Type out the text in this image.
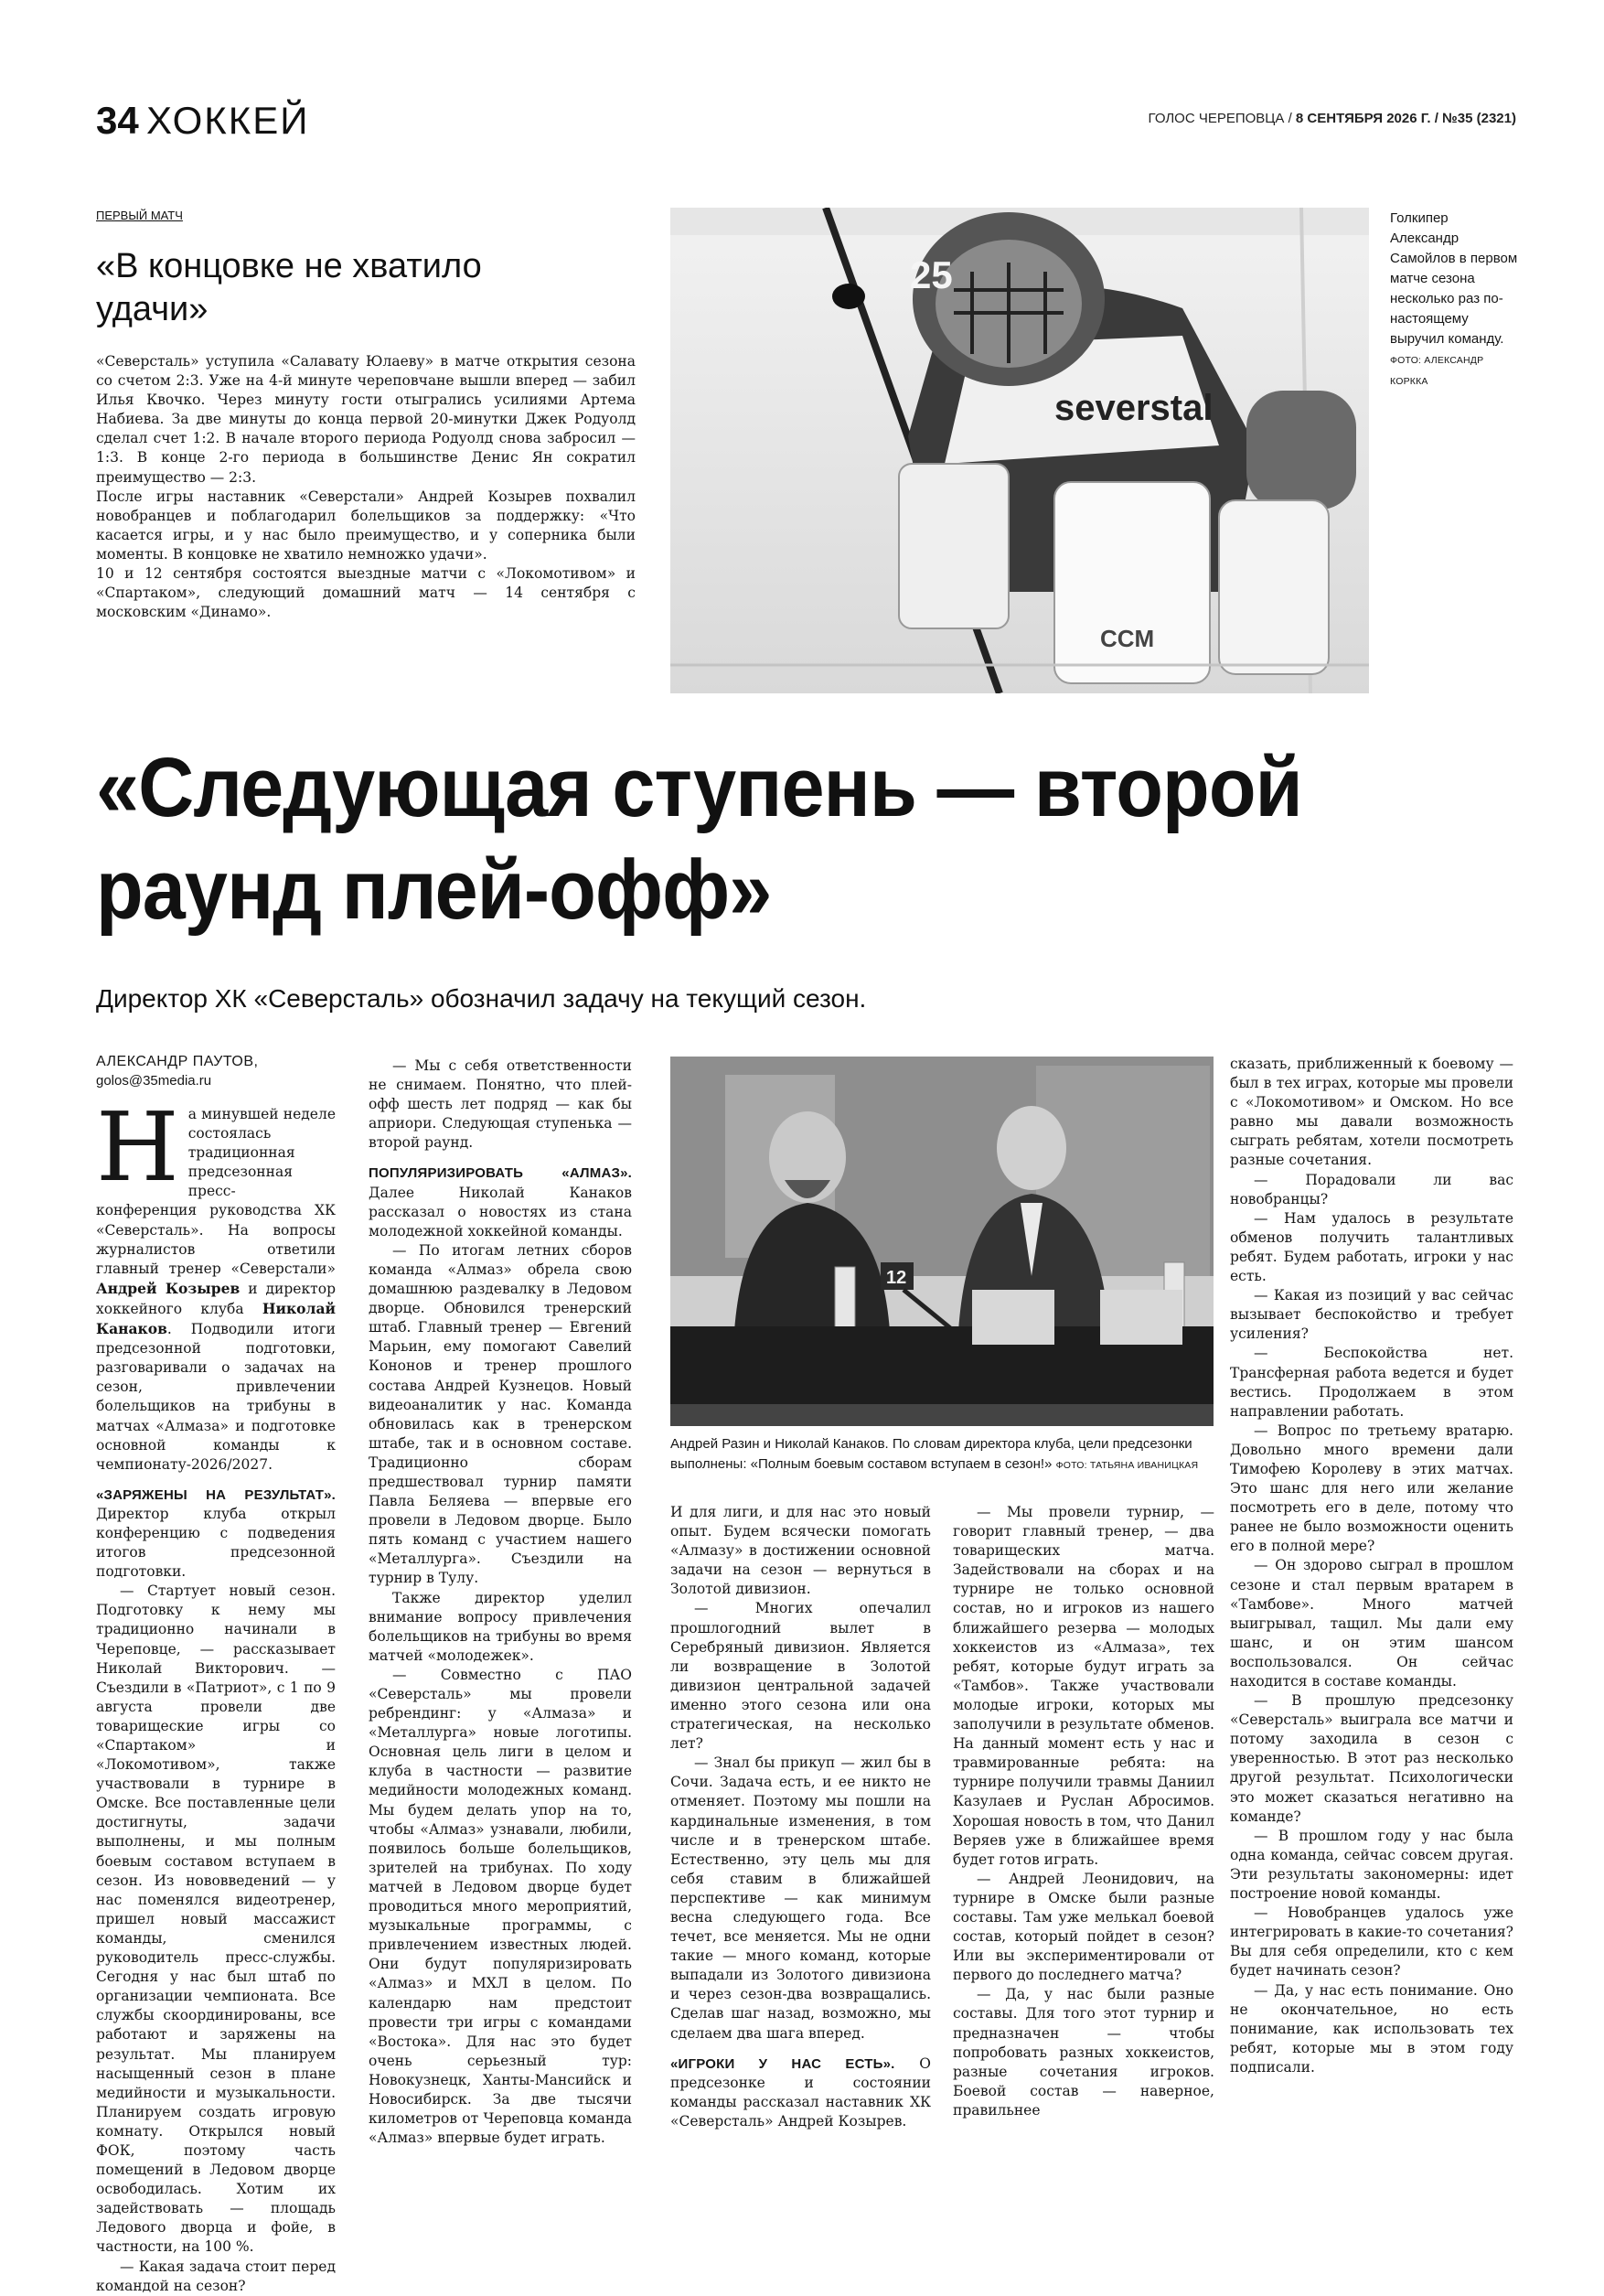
34 ХОККЕЙ	ГОЛОС ЧЕРЕПОВЦА / 8 СЕНТЯБРЯ 2026 Г. / №35 (2321)
ПЕРВЫЙ МАТЧ
«В концовке не хватило
удачи»

«Северсталь» уступила «Салавату Юлаеву» в матче открытия сезона со счетом 2:3. Уже на 4-й минуте череповчане вышли вперед — забил Илья Квочко. Через минуту гости отыгрались усилиями Артема Набиева. За две минуты до конца первой 20-минутки Джек Родуолд сделал счет 1:2. В начале второго периода Родуолд снова забросил — 1:3. В конце 2-го периода в большинстве Денис Ян сократил преимущество — 2:3.

После игры наставник «Северстали» Андрей Козырев похвалил новобранцев и поблагодарил болельщиков за поддержку: «Что касается игры, и у нас было преимущество, и у соперника были моменты. В концовке не хватило немножко удачи».

10 и 12 сентября состоятся выездные матчи с «Локомотивом» и «Спартаком», следующий домашний матч — 14 сентября с московским «Динамо».

severstal
25
CCM
Голкипер Александр Самойлов в первом матче сезона несколько раз по-настоящему выручил команду. ФОТО: АЛЕКСАНДР КОРККА
«Следующая ступень — второй
раунд плей-офф»
Директор ХК «Северсталь» обозначил задачу на текущий сезон.
АЛЕКСАНДР ПАУТОВ,
golos@35media.ru

На минувшей неделе состоялась традиционная предсезонная пресс-конференция руководства ХК «Северсталь». На вопросы журналистов ответили главный тренер «Северстали» Андрей Козырев и директор хоккейного клуба Николай Канаков. Подводили итоги предсезонной подготовки, разговаривали о задачах на сезон, привлечении болельщиков на трибуны в матчах «Алмаза» и подготовке основной команды к чемпионату-2026/2027.

«ЗАРЯЖЕНЫ НА РЕЗУЛЬТАТ». Директор клуба открыл конференцию с подведения итогов предсезонной подготовки.

— Стартует новый сезон. Подготовку к нему мы традиционно начинали в Череповце, — рассказывает Николай Викторович. — Съездили в «Патриот», с 1 по 9 августа провели две товарищеские игры со «Спартаком» и «Локомотивом», также участвовали в турнире в Омске. Все поставленные цели достигнуты, задачи выполнены, и мы полным боевым составом вступаем в сезон. Из нововведений — у нас поменялся видеотренер, пришел новый массажист команды, сменился руководитель пресс-службы. Сегодня у нас был штаб по организации чемпионата. Все службы скоординированы, все работают и заряжены на результат. Мы планируем насыщенный сезон в плане медийности и музыкальности. Планируем создать игровую комнату. Открылся новый ФОК, поэтому часть помещений в Ледовом дворце освободилась. Хотим их задействовать — площадь Ледового дворца и фойе, в частности, на 100 %.

— Какая задача стоит перед командой на сезон?

— Мы с себя ответственности не снимаем. Понятно, что плей-офф шесть лет подряд — как бы априори. Следующая ступенька — второй раунд.

ПОПУЛЯРИЗИРОВАТЬ «АЛМАЗ». Далее Николай Канаков рассказал о новостях из стана молодежной хоккейной команды.

— По итогам летних сборов команда «Алмаз» обрела свою домашнюю раздевалку в Ледовом дворце. Обновился тренерский штаб. Главный тренер — Евгений Марьин, ему помогают Савелий Кононов и тренер прошлого состава Андрей Кузнецов. Новый видеоаналитик у нас. Команда обновилась как в тренерском штабе, так и в основном составе. Традиционно сборам предшествовал турнир памяти Павла Беляева — впервые его провели в Ледовом дворце. Было пять команд с участием нашего «Металлурга». Съездили на турнир в Тулу.

Также директор уделил внимание вопросу привлечения болельщиков на трибуны во время матчей «молодежек».

— Совместно с ПАО «Северсталь» мы провели ребрендинг: у «Алмаза» и «Металлурга» новые логотипы. Основная цель лиги в целом и клуба в частности — развитие медийности молодежных команд. Мы будем делать упор на то, чтобы «Алмаз» узнавали, любили, появилось больше болельщиков, зрителей на трибунах. По ходу матчей в Ледовом дворце будет проводиться много мероприятий, музыкальные программы, с привлечением известных людей. Они будут популяризировать «Алмаз» и МХЛ в целом. По календарю нам предстоит провести три игры с командами «Востока». Для нас это будет очень серьезный тур: Новокузнецк, Ханты-Мансийск и Новосибирск. За две тысячи километров от Череповца команда «Алмаз» впервые будет играть.

12
Андрей Разин и Николай Канаков. По словам директора клуба, цели предсезонки выполнены: «Полным боевым составом вступаем в сезон!» ФОТО: ТАТЬЯНА ИВАНИЦКАЯ

И для лиги, и для нас это новый опыт. Будем всячески помогать «Алмазу» в достижении основной задачи на сезон — вернуться в Золотой дивизион.

— Многих опечалил прошлогодний вылет в Серебряный дивизион. Является ли возвращение в Золотой дивизион центральной задачей именно этого сезона или она стратегическая, на несколько лет?

— Знал бы прикуп — жил бы в Сочи. Задача есть, и ее никто не отменяет. Поэтому мы пошли на кардинальные изменения, в том числе и в тренерском штабе. Естественно, эту цель мы для себя ставим в ближайшей перспективе — как минимум весна следующего года. Все течет, все меняется. Мы не одни такие — много команд, которые выпадали из Золотого дивизиона и через сезон-два возвращались. Сделав шаг назад, возможно, мы сделаем два шага вперед.

«ИГРОКИ У НАС ЕСТЬ». О предсезонке и состоянии команды рассказал наставник ХК «Северсталь» Андрей Козырев.

— Мы провели турнир, — говорит главный тренер, — два товарищеских матча. Задействовали на сборах и на турнире не только основной состав, но и игроков из нашего ближайшего резерва — молодых хоккеистов из «Алмаза», тех ребят, которые будут играть за «Тамбов». Также участвовали молодые игроки, которых мы заполучили в результате обменов. На данный момент есть у нас и травмированные ребята: на турнире получили травмы Даниил Казулаев и Руслан Абросимов. Хорошая новость в том, что Данил Веряев уже в ближайшее время будет готов играть.

— Андрей Леонидович, на турнире в Омске были разные составы. Там уже мелькал боевой состав, который пойдет в сезон? Или вы экспериментировали от первого до последнего матча?

— Да, у нас были разные составы. Для того этот турнир и предназначен — чтобы попробовать разных хоккеистов, разные сочетания игроков. Боевой состав — наверное, правильнее

сказать, приближенный к боевому — был в тех играх, которые мы провели с «Локомотивом» и Омском. Но все равно мы давали возможность сыграть ребятам, хотели посмотреть разные сочетания.

— Порадовали ли вас новобранцы?

— Нам удалось в результате обменов получить талантливых ребят. Будем работать, игроки у нас есть.

— Какая из позиций у вас сейчас вызывает беспокойство и требует усиления?

— Беспокойства нет. Трансферная работа ведется и будет вестись. Продолжаем в этом направлении работать.

— Вопрос по третьему вратарю. Довольно много времени дали Тимофею Королеву в этих матчах. Это шанс для него или желание посмотреть его в деле, потому что ранее не было возможности оценить его в полной мере?

— Он здорово сыграл в прошлом сезоне и стал первым вратарем в «Тамбове». Много матчей выигрывал, тащил. Мы дали ему шанс, и он этим шансом воспользовался. Он сейчас находится в составе команды.

— В прошлую предсезонку «Северсталь» выиграла все матчи и потому заходила в сезон с уверенностью. В этот раз несколько другой результат. Психологически это может сказаться негативно на команде?

— В прошлом году у нас была одна команда, сейчас совсем другая. Эти результаты закономерны: идет построение новой команды.

— Новобранцев удалось уже интегрировать в какие-то сочетания? Вы для себя определили, кто с кем будет начинать сезон?

— Да, у нас есть понимание. Оно не окончательное, но есть понимание, как использовать тех ребят, которые мы в этом году подписали.
